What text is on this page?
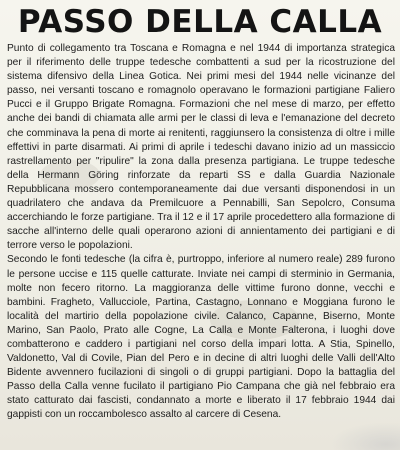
PASSO DELLA CALLA

Punto di collegamento tra Toscana e Romagna e nel 1944 di importanza strategica per il riferimento delle truppe tedesche combattenti a sud per la ricostruzione del sistema difensivo della Linea Gotica. Nei primi mesi del 1944 nelle vicinanze del passo, nei versanti toscano e romagnolo operavano le formazioni partigiane Faliero Pucci e il Gruppo Brigate Romagna. Formazioni che nel mese di marzo, per effetto anche dei bandi di chiamata alle armi per le classi di leva e l'emanazione del decreto che comminava la pena di morte ai renitenti, raggiunsero la consistenza di oltre i mille effettivi in parte disarmati. Ai primi di aprile i tedeschi davano inizio ad un massiccio rastrellamento per "ripulire" la zona dalla presenza partigiana. Le truppe tedesche della Hermann Göring rinforzate da reparti SS e dalla Guardia Nazionale Repubblicana mossero contemporaneamente dai due versanti disponendosi in un quadrilatero che andava da Premilcuore a Pennabilli, San Sepolcro, Consuma accerchiando le forze partigiane. Tra il 12 e il 17 aprile procedettero alla formazione di sacche all'interno delle quali operarono azioni di annientamento dei partigiani e di terrore verso le popolazioni.

Secondo le fonti tedesche (la cifra è, purtroppo, inferiore al numero reale) 289 furono le persone uccise e 115 quelle catturate. Inviate nei campi di sterminio in Germania, molte non fecero ritorno. La maggioranza delle vittime furono donne, vecchi e bambini. Fragheto, Vallucciole, Partina, Castagno, Lonnano e Moggiana furono le località del martirio della popolazione civile. Calanco, Capanne, Biserno, Monte Marino, San Paolo, Prato alle Cogne, La Calla e Monte Falterona, i luoghi dove combatterono e caddero i partigiani nel corso della impari lotta. A Stia, Spinello, Valdonetto, Val di Covile, Pian del Pero e in decine di altri luoghi delle Valli dell'Alto Bidente avvennero fucilazioni di singoli o di gruppi partigiani. Dopo la battaglia del Passo della Calla venne fucilato il partigiano Pio Campana che già nel febbraio era stato catturato dai fascisti, condannato a morte e liberato il 17 febbraio 1944 dai gappisti con un roccambolesco assalto al carcere di Cesena.
